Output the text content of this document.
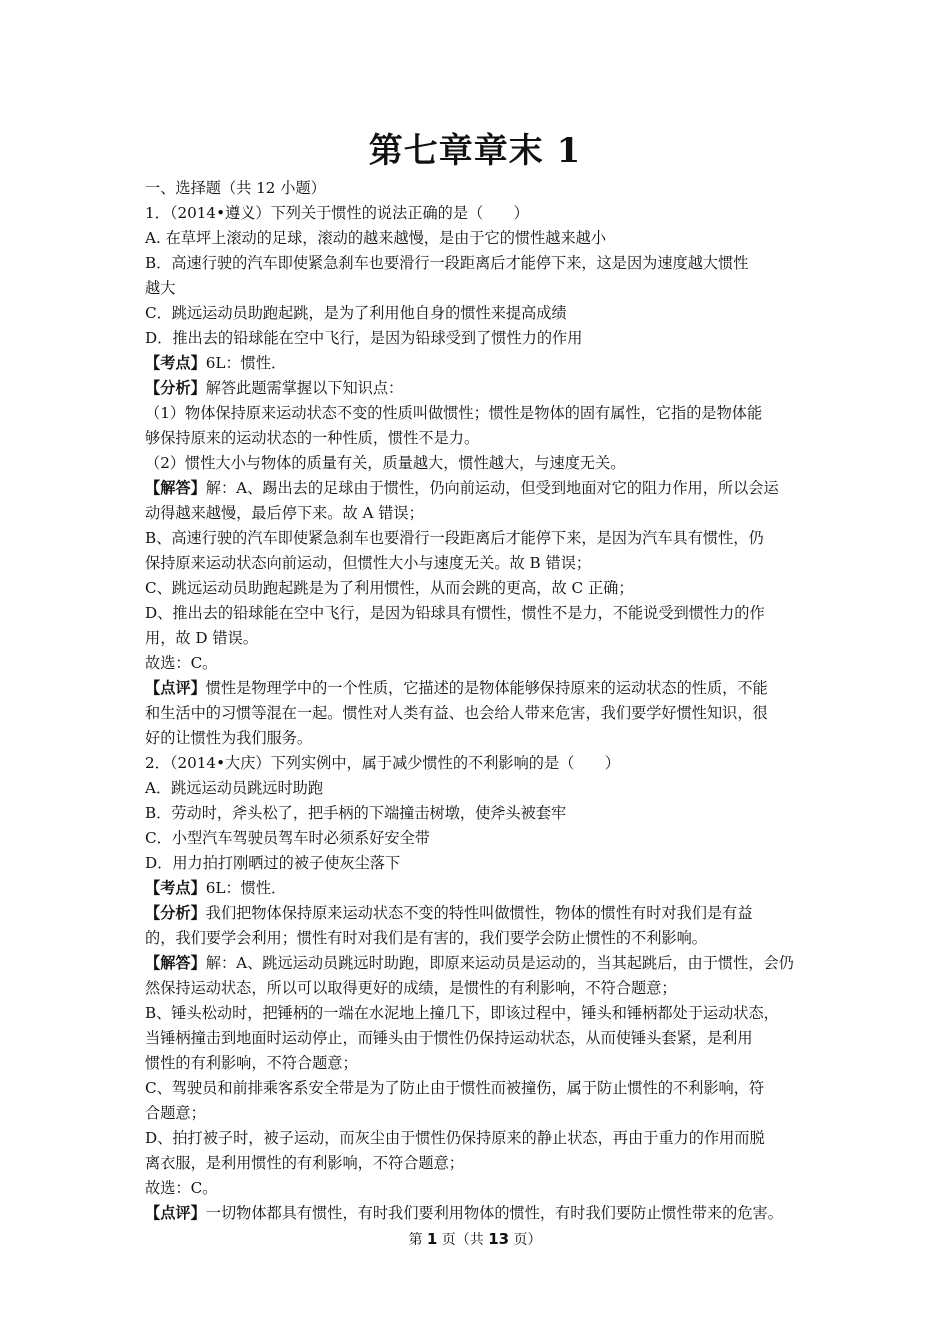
第七章章末 1
一、选择题（共 12 小题）
1．（2014•遵义）下列关于惯性的说法正确的是（　　）
A. 在草坪上滚动的足球，滚动的越来越慢，是由于它的惯性越来越小
B．高速行驶的汽车即使紧急刹车也要滑行一段距离后才能停下来，这是因为速度越大惯性
越大
C．跳远运动员助跑起跳，是为了利用他自身的惯性来提高成绩
D．推出去的铅球能在空中飞行，是因为铅球受到了惯性力的作用
【考点】6L：惯性．
【分析】解答此题需掌握以下知识点：
（1）物体保持原来运动状态不变的性质叫做惯性；惯性是物体的固有属性，它指的是物体能
够保持原来的运动状态的一种性质，惯性不是力。
（2）惯性大小与物体的质量有关，质量越大，惯性越大，与速度无关。
【解答】解：A、踢出去的足球由于惯性，仍向前运动，但受到地面对它的阻力作用，所以会运
动得越来越慢，最后停下来。故 A 错误；
B、高速行驶的汽车即使紧急刹车也要滑行一段距离后才能停下来，是因为汽车具有惯性，仍
保持原来运动状态向前运动，但惯性大小与速度无关。故 B 错误；
C、跳远运动员助跑起跳是为了利用惯性，从而会跳的更高，故 C 正确；
D、推出去的铅球能在空中飞行，是因为铅球具有惯性，惯性不是力，不能说受到惯性力的作
用，故 D 错误。
故选：C。
【点评】惯性是物理学中的一个性质，它描述的是物体能够保持原来的运动状态的性质，不能
和生活中的习惯等混在一起。惯性对人类有益、也会给人带来危害，我们要学好惯性知识，很
好的让惯性为我们服务。
2．（2014•大庆）下列实例中，属于减少惯性的不利影响的是（　　）
A．跳远运动员跳远时助跑
B．劳动时，斧头松了，把手柄的下端撞击树墩，使斧头被套牢
C．小型汽车驾驶员驾车时必须系好安全带
D．用力拍打刚晒过的被子使灰尘落下
【考点】6L：惯性．
【分析】我们把物体保持原来运动状态不变的特性叫做惯性，物体的惯性有时对我们是有益
的，我们要学会利用；惯性有时对我们是有害的，我们要学会防止惯性的不利影响。
【解答】解：A、跳远运动员跳远时助跑，即原来运动员是运动的，当其起跳后，由于惯性，会仍
然保持运动状态，所以可以取得更好的成绩，是惯性的有利影响，不符合题意；
B、锤头松动时，把锤柄的一端在水泥地上撞几下，即该过程中，锤头和锤柄都处于运动状态，
当锤柄撞击到地面时运动停止，而锤头由于惯性仍保持运动状态，从而使锤头套紧，是利用
惯性的有利影响，不符合题意；
C、驾驶员和前排乘客系安全带是为了防止由于惯性而被撞伤，属于防止惯性的不利影响，符
合题意；
D、拍打被子时，被子运动，而灰尘由于惯性仍保持原来的静止状态，再由于重力的作用而脱
离衣服，是利用惯性的有利影响，不符合题意；
故选：C。
【点评】一切物体都具有惯性，有时我们要利用物体的惯性，有时我们要防止惯性带来的危害。
第 1 页（共 13 页）
